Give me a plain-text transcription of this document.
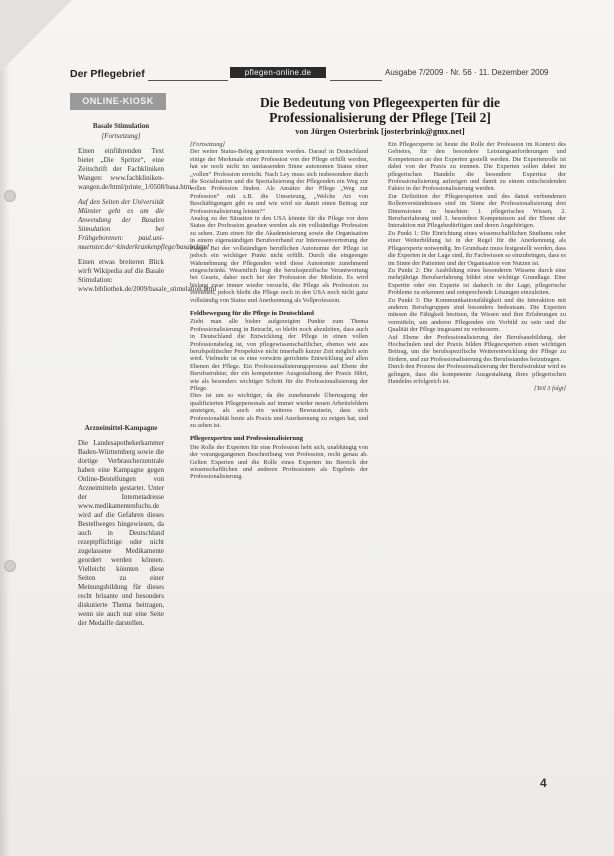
Der Pflegebrief	pflegen-online.de	Ausgabe 7/2009 · Nr. 56 · 11. Dezember 2009
ONLINE-KIOSK

Basale Stimulation

[Fortsetzung]

Einen einführenden Text bietet „Die Spritze“, eine Zeitschrift der Fachkliniken Wangen: www.fachkliniken-wangen.de/html/printe_1/0508/basa.htm.

Auf den Seiten der Universität Münster geht es um die Anwendung der Basalen Stimulation bei Frühgeborenen: paul.uni-muenster.de/~kinderkrankenpflege/basale.html

Einen etwas breiteren Blick wirft Wikipedia auf die Basale Stimulation: www.bibliothek.de/2009/basale_stimulation.html

Arzneimittel-Kampagne

Die Landesapothekerkammer Baden-Württemberg sowie die dortige Verbraucherzentrale haben eine Kampagne gegen Online-Bestellungen von Arzneimitteln gestartet. Unter der Internetadresse www.medikamentenfuchs.de wird auf die Gefahren dieses Bestellweges hingewiesen, da auch in Deutschland rezeptpflichtige oder nicht zugelassene Medikamente geordert werden können. Vielleicht könnten diese Seiten zu einer Meinungsbildung für dieses recht brisante und besonders diskutierte Thema beitragen, wenn sie auch nur eine Seite der Medaille darstellen.

Die Bedeutung von Pflegeexperten für die
Professionalisierung der Pflege [Teil 2]
von Jürgen Osterbrink [josterbrink@gmx.net]

[Fortsetzung]

Der weiter Status-Beleg genommen werden. Darauf in Deutschland einige der Merkmale einer Profession von der Pflege erfüllt werden, hat sie noch nicht im umfassenden Sinne autonomen Status einer „vollen“ Profession erreicht. Nach Ley muss sich insbesondere durch die Sozialisation und die Spezialisierung der Pflegenden ein Weg zur vollen Profession finden. Als Ansätze der Pflege „Weg zur Profession“ mit z.B. die Umsetzung, „Welche Art von Beschäftigungen gibt es und wie wird sie damit einen Beitrag zur Professionalisierung leisten?“

Analog zu der Situation in den USA könnte für die Pflege vor dem Status der Profession gesehen werden als ein vollständige Profession zu sehen. Zum einen für die Akademisierung sowie die Organisation in einem eigenständigen Berufsverband zur Interessenvertretung der Pflege. Bei der vollständigen beruflichen Autonomie der Pflege ist jedoch ein wichtiger Punkt nicht erfüllt. Durch die eingeengte Wahrnehmung der Pflegenden wird diese Autonomie zunehmend eingeschränkt. Wesentlich liegt die berufsspezifische Verantwortung bei Gesetz, daher noch bei der Profession der Medizin. Es wird bislang zwar immer wieder versucht, die Pflege als Profession zu verstehen, jedoch bleibt die Pflege noch in den USA noch nicht ganz vollständig von Status und Anerkennung als Vollprofession.

Feldbewegung für die Pflege in Deutschland

Zieht man alle bisher aufgezeigten Punkte zum Thema Professionalisierung in Betracht, so bleibt noch abzuleiten, dass auch in Deutschland die Entwicklung der Pflege in einen vollen Professionsbeleg ist, von pflegewissenschaftlicher, ebenso wie aus berufspolitischer Perspektive nicht innerhalb kurzer Zeit möglich sein wird. Vielmehr ist es eine vorwärts gerichtete Entwicklung auf allen Ebenen der Pflege. Ein Professionalisierungsprozess auf Ebene der Berufsstruktur, der ein kompetenter Ausgestaltung der Praxis führt, wie als besonders wichtiger Schritt für die Professionalisierung der Pflege.

Dies ist um so wichtiger, da die zunehmende Übertragung der qualifizierten Pflegepersonals auf immer wieder neuen Arbeitsfeldern ansteigen, als auch ein weiteres Bewusstsein, dass sich Professionalität heute als Praxis und Anerkennung zu zeigen hat, und zu sehen ist.

Pflegeexperten und Professionalisierung

Die Rolle der Experten für eine Profession hebt sich, unabhängig von der vorangegangenen Beschreibung von Profession, recht genau ab. Gelten Experten und die Rolle eines Experten im Bereich der wissenschaftlichen und anderen Professionen als Ergebnis der Professionalisierung.

Ein Pflegeexperte ist heute die Rolle der Profession im Kontext des Gebietes, für den besondere Leistungsanforderungen und Kompetenzen an den Experten gestellt werden. Die Expertenrolle ist dabei von der Praxis zu trennen. Die Experten sollen dabei im pflegerischen Handeln die besondere Expertise der Professionalisierung aufzeigen und damit zu einem entscheidenden Faktor in der Professionalisierung werden.

Zur Definition der Pflegeexperten und des damit verbundenen Rollenverständnisses sind im Sinne der Professionalisierung drei Dimensionen zu beachten: 1. pflegerisches Wissen, 2. Berufserfahrung und 3. besondere Kompetenzen auf der Ebene der Interaktion mit Pflegebedürftigen und deren Angehörigen.

Zu Punkt 1: Die Einrichtung eines wissenschaftlichen Studiums oder einer Weiterbildung ist in der Regel für die Anerkennung als Pflegeexperte notwendig. Im Grundsatz muss festgestellt werden, dass die Experten in der Lage sind, ihr Fachwissen so einzubringen, dass es im Sinne der Patienten und der Organisation von Nutzen ist.

Zu Punkt 2: Die Ausbildung eines besonderen Wissens durch eine mehrjährige Berufserfahrung bildet eine wichtige Grundlage. Eine Expertin oder ein Experte ist dadurch in der Lage, pflegerische Probleme zu erkennen und entsprechende Lösungen einzuleiten.

Zu Punkt 3: Die Kommunikationsfähigkeit und die Interaktion mit anderen Berufsgruppen sind besonders bedeutsam. Die Experten müssen die Fähigkeit besitzen, ihr Wissen und ihre Erfahrungen zu vermitteln, um anderen Pflegenden ein Vorbild zu sein und die Qualität der Pflege insgesamt zu verbessern.

Auf Ebene der Professionalisierung der Berufsausbildung, der Hochschulen und der Praxis bilden Pflegeexperten einen wichtigen Beitrag, um die berufsspezifische Weiterentwicklung der Pflege zu fördern, und zur Professionalisierung des Berufsstandes beizutragen.

Durch den Prozess der Professionalisierung der Berufsstruktur wird es gelingen, dass die kompetente Ausgestaltung ihres pflegerischen Handelns erfolgreich ist.

[Teil 3 folgt]

4
